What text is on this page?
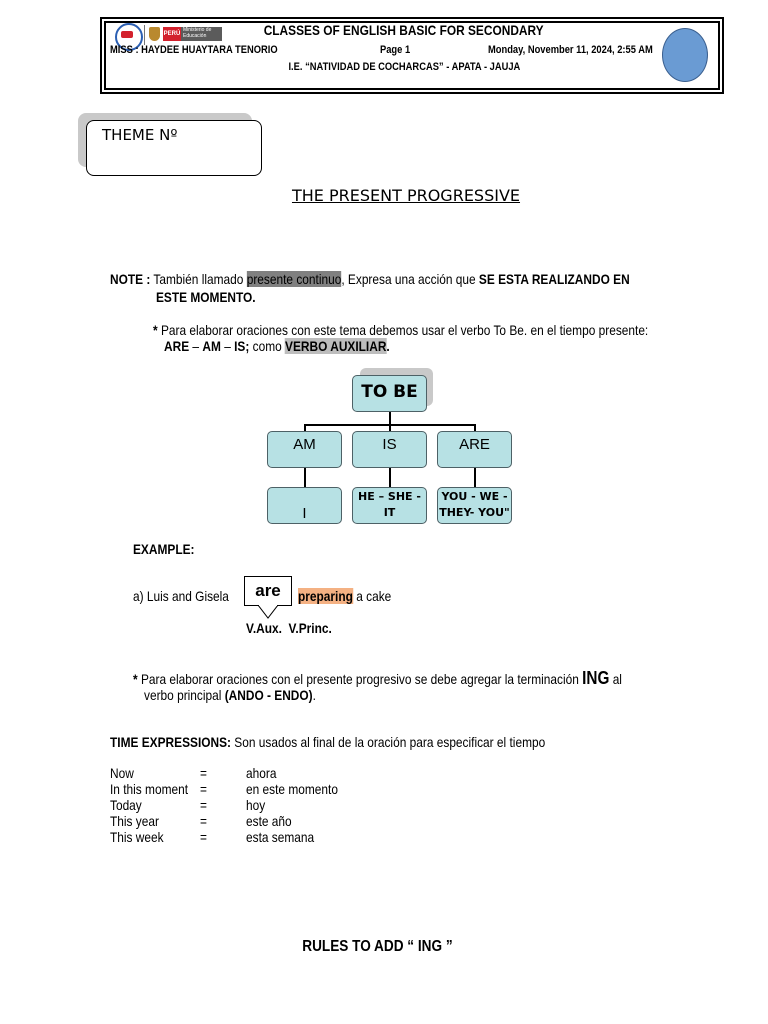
PERÚ
Ministerio de Educación	CLASSES OF ENGLISH BASIC FOR SECONDARY
MISS : HAYDEE HUAYTARA TENORIO	Page 1	Monday, November 11, 2024, 2:55 AM
I.E. “NATIVIDAD DE COCHARCAS” - APATA - JAUJA
THEME Nº
THE PRESENT PROGRESSIVE
NOTE : También llamado presente continuo, Expresa una acción que SE ESTA REALIZANDO EN
ESTE MOMENTO.
* Para elaborar oraciones con este tema debemos usar el verbo To Be. en el tiempo presente:
ARE – AM – IS; como VERBO AUXILIAR.
TO BE
AM	IS	ARE
I
HE – SHE - IT
YOU - WE - THEY- YOU"
EXAMPLE:
a) Luis and Gisela	are	preparing a cake
V.Aux. V.Princ.
* Para elaborar oraciones con el presente progresivo se debe agregar la terminación ING al
verbo principal (ANDO - ENDO).
TIME EXPRESSIONS: Son usados al final de la oración para especificar el tiempo
Now	=	ahora
In this moment =	en este momento
Today	=	hoy
This year	=	este año
This week	=	esta semana
RULES TO ADD “ ING ”
